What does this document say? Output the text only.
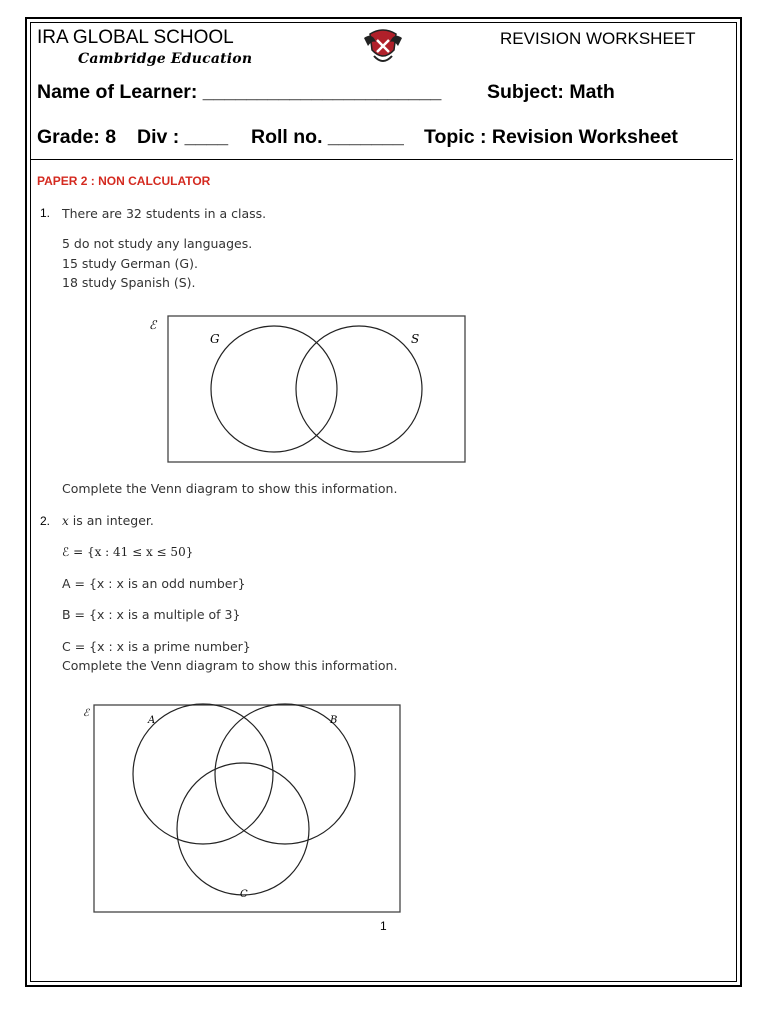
IRA GLOBAL SCHOOL
Cambridge Education
REVISION WORKSHEET
Name of Learner: ______________________ Subject: Math
Grade: 8 Div : ____ Roll no. _______ Topic : Revision Worksheet
PAPER 2 : NON CALCULATOR
1. There are 32 students in a class.
5 do not study any languages.
15 study German (G).
18 study Spanish (S).
ℰ
G	S
Complete the Venn diagram to show this information.
2. x is an integer.
ℰ = {x : 41 ≤ x ≤ 50}
A = {x : x is an odd number}
B = {x : x is a multiple of 3}
C = {x : x is a prime number}
Complete the Venn diagram to show this information.
ℰ
A	B
C
1
